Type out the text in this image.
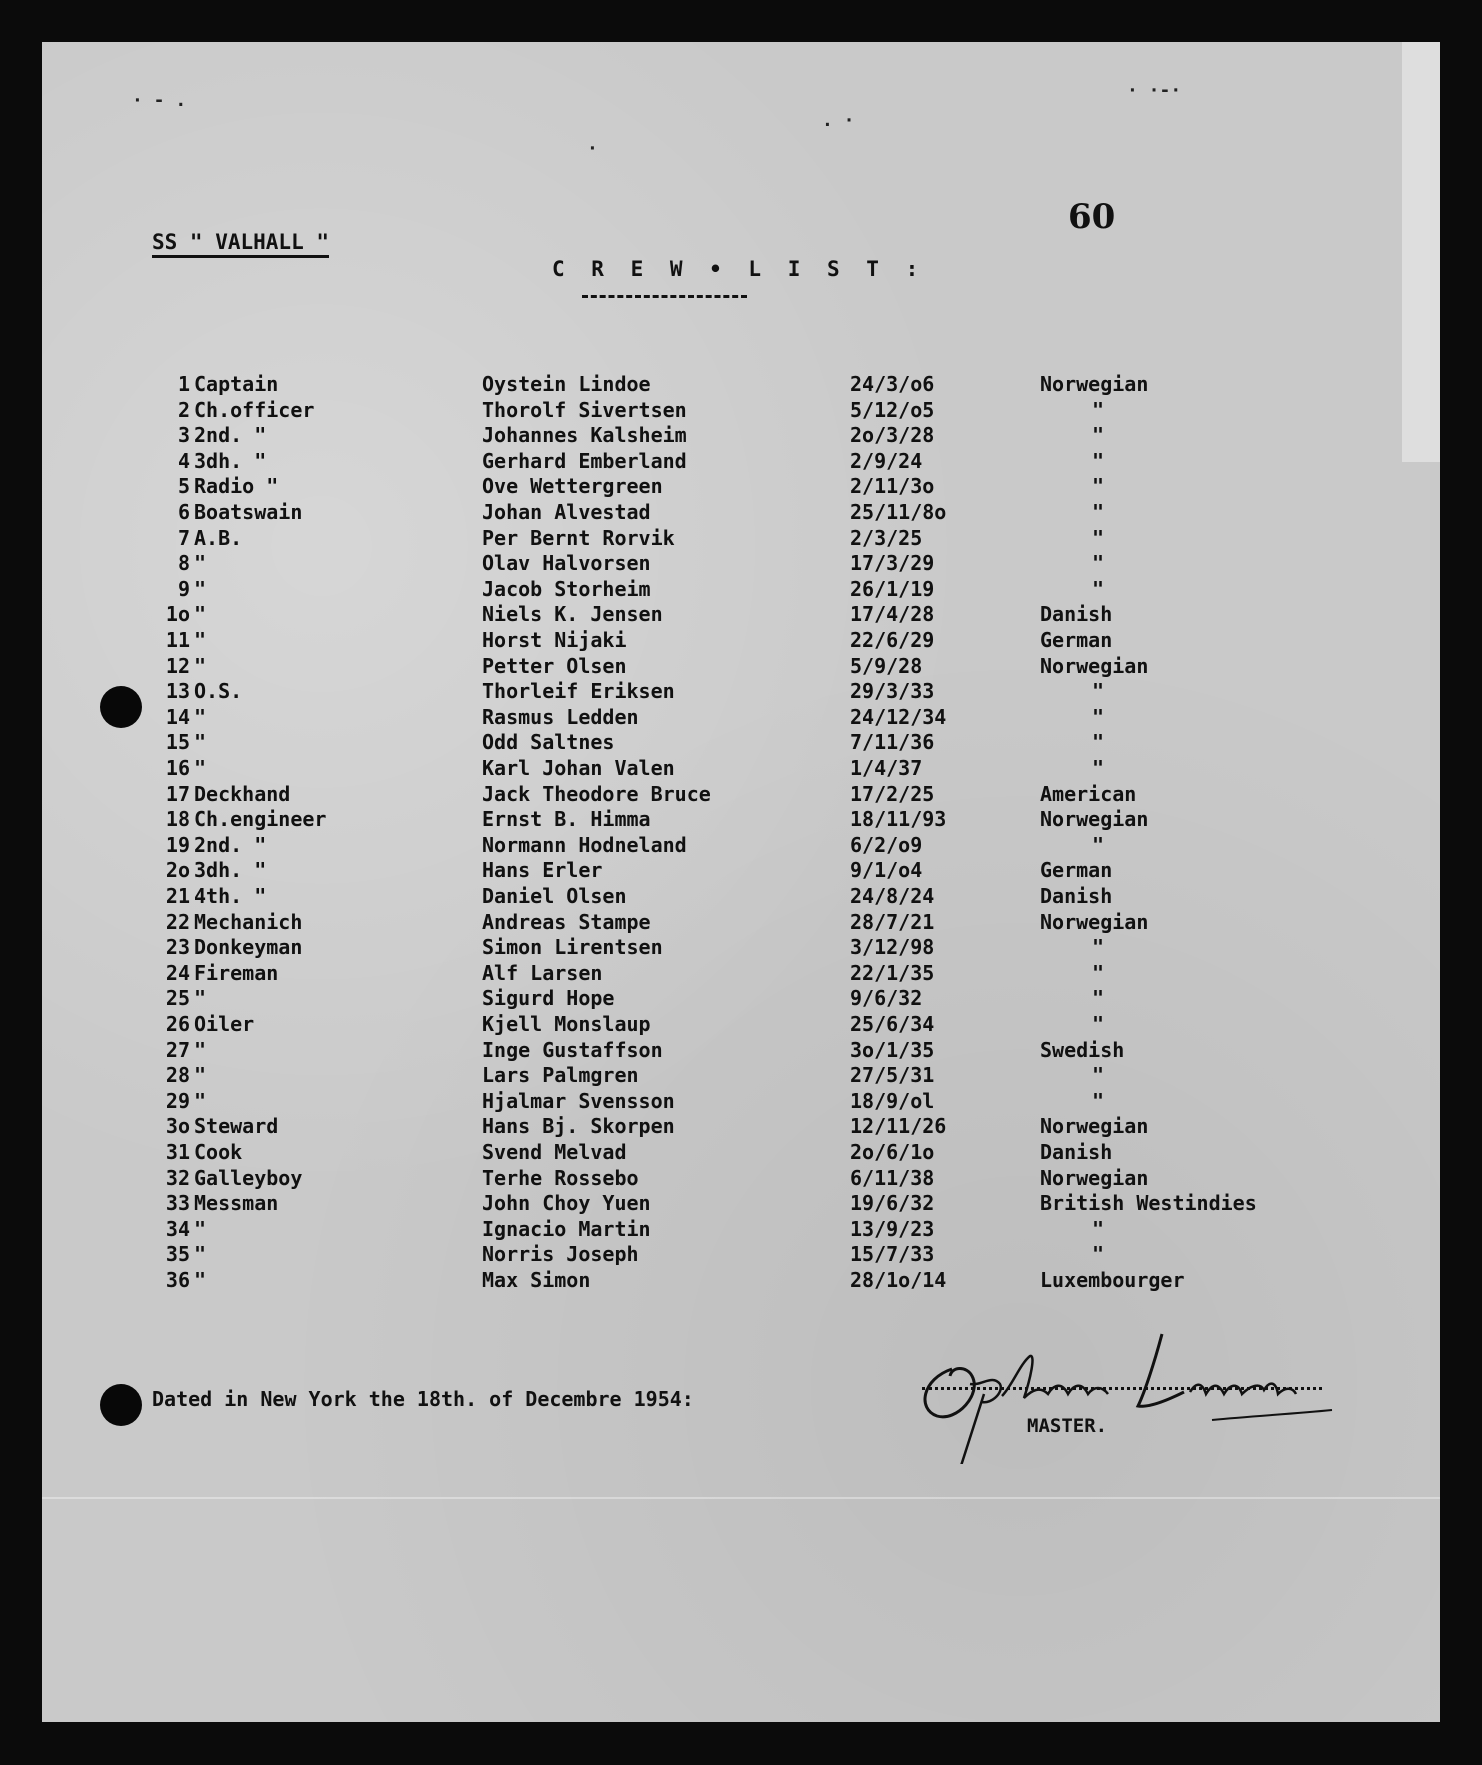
· - .
·
. ·
· ·-·
SS " VALHALL "
60
C R E W • L I S T :
1 Captain	Oystein Lindoe	24/3/o6	Norwegian
2 Ch.officer	Thorolf Sivertsen	5/12/o5	"
3 2nd. "	Johannes Kalsheim	2o/3/28	"
4 3dh. "	Gerhard Emberland	2/9/24	"
5 Radio "	Ove Wettergreen	2/11/3o	"
6 Boatswain	Johan Alvestad	25/11/8o	"
7 A.B.	Per Bernt Rorvik	2/3/25	"
8 "	Olav Halvorsen	17/3/29	"
9 "	Jacob Storheim	26/1/19	"
1o "	Niels K. Jensen	17/4/28	Danish
11 "	Horst Nijaki	22/6/29	German
12 "	Petter Olsen	5/9/28	Norwegian
13 O.S.	Thorleif Eriksen	29/3/33	"
14 "	Rasmus Ledden	24/12/34	"
15 "	Odd Saltnes	7/11/36	"
16 "	Karl Johan Valen	1/4/37	"
17 Deckhand	Jack Theodore Bruce	17/2/25	American
18 Ch.engineer	Ernst B. Himma	18/11/93	Norwegian
19 2nd. "	Normann Hodneland	6/2/o9	"
2o 3dh. "	Hans Erler	9/1/o4	German
21 4th. "	Daniel Olsen	24/8/24	Danish
22 Mechanich	Andreas Stampe	28/7/21	Norwegian
23 Donkeyman	Simon Lirentsen	3/12/98	"
24 Fireman	Alf Larsen	22/1/35	"
25 "	Sigurd Hope	9/6/32	"
26 Oiler	Kjell Monslaup	25/6/34	"
27 "	Inge Gustaffson	3o/1/35	Swedish
28 "	Lars Palmgren	27/5/31	"
29 "	Hjalmar Svensson	18/9/ol	"
3o Steward	Hans Bj. Skorpen	12/11/26	Norwegian
31 Cook	Svend Melvad	2o/6/1o	Danish
32 Galleyboy	Terhe Rossebo	6/11/38	Norwegian
33 Messman	John Choy Yuen	19/6/32	British Westindies
34 "	Ignacio Martin	13/9/23	"
35 "	Norris Joseph	15/7/33	"
36 "	Max Simon	28/1o/14	Luxembourger
Dated in New York the 18th. of Decembre 1954:
MASTER.
